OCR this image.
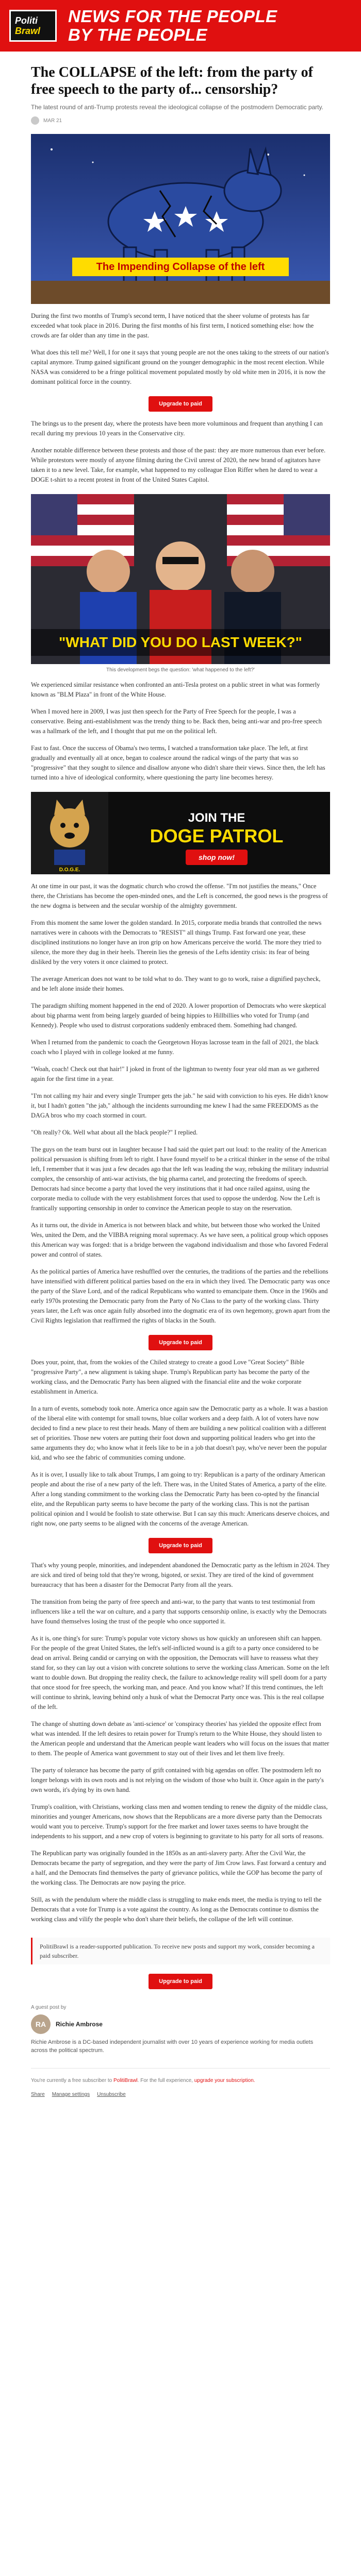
Politi
Brawl
NEWS FOR THE PEOPLE
BY THE PEOPLE
The COLLAPSE of the left: from the party of free speech to the party of... censorship?
The latest round of anti-Trump protests reveal the ideological collapse of the postmodern Democratic party.
MAR 21
The Impending Collapse of the left

During the first two months of Trump's second term, I have noticed that the sheer volume of protests has far exceeded what took place in 2016. During the first months of his first term, I noticed something else: how the crowds are far older than any time in the past.

What does this tell me? Well, I for one it says that young people are not the ones taking to the streets of our nation's capital anymore. Trump gained significant ground on the younger demographic in the most recent election. While NASA was considered to be a fringe political movement populated mostly by old white men in 2016, it is now the dominant political force in the country.

Upgrade to paid

The brings us to the present day, where the protests have been more voluminous and frequent than anything I can recall during my previous 10 years in the Conservative city.

Another notable difference between these protests and those of the past: they are more numerous than ever before. While protestors were mostly of anyone filming during the Civil unrest of 2020, the new brand of agitators have taken it to a new level. Take, for example, what happened to my colleague Elon Riffer when he dared to wear a DOGE t-shirt to a recent protest in front of the United States Capitol.

"WHAT DID YOU DO LAST WEEK?"
This development begs the question: 'what happened to the left?'

We experienced similar resistance when confronted an anti-Tesla protest on a public street in what was formerly known as "BLM Plaza" in front of the White House.

When I moved here in 2009, I was just then speech for the Party of Free Speech for the people, I was a conservative. Being anti-establishment was the trendy thing to be. Back then, being anti-war and pro-free speech was a hallmark of the left, and I thought that put me on the political left.

Fast to fast. Once the success of Obama's two terms, I watched a transformation take place. The left, at first gradually and eventually all at once, began to coalesce around the radical wings of the party that was so "progressive" that they sought to silence and disallow anyone who didn't share their views. Since then, the left has turned into a hive of ideological conformity, where questioning the party line becomes heresy.

D.O.G.E.
JOIN THE
DOGE PATROL
shop now!

At one time in our past, it was the dogmatic church who crowd the offense. "I'm not justifies the means," Once there, the Christians has become the open-minded ones, and the Left is concerned, the good news is the progress of the new dogma is between and the secular worship of the almighty government.

From this moment the same lower the golden standard. In 2015, corporate media brands that controlled the news narratives were in cahoots with the Democrats to "RESIST" all things Trump. Fast forward one year, these disciplined institutions no longer have an iron grip on how Americans perceive the world. The more they tried to silence, the more they dug in their heels. Therein lies the genesis of the Lefts identity crisis: its fear of being disliked by the very voters it once claimed to protect.

The average American does not want to be told what to do. They want to go to work, raise a dignified paycheck, and be left alone inside their homes.

The paradigm shifting moment happened in the end of 2020. A lower proportion of Democrats who were skeptical about big pharma went from being largely guarded of being hippies to Hillbillies who voted for Trump (and Kennedy). People who used to distrust corporations suddenly embraced them. Something had changed.

When I returned from the pandemic to coach the Georgetown Hoyas lacrosse team in the fall of 2021, the black coach who I played with in college looked at me funny.

"Woah, coach! Check out that hair!" I joked in front of the lightman to twenty four year old man as we gathered again for the first time in a year.

"I'm not calling my hair and every single Trumper gets the jab." he said with conviction to his eyes. He didn't know it, but I hadn't gotten "the jab," although the incidents surrounding me knew I had the same FREEDOMS as the DAGA bros who my coach stormed in court.

"Oh really? Ok. Well what about all the black people?" I replied.

The guys on the team burst out in laughter because I had said the quiet part out loud: to the reality of the American political persuasion is shifting from left to right. I have found myself to be a critical thinker in the sense of the tribal left, I remember that it was just a few decades ago that the left was leading the way, rebuking the military industrial complex, the censorship of anti-war activists, the big pharma cartel, and protecting the freedoms of speech. Democrats had since become a party that loved the very institutions that it had once railed against, using the corporate media to collude with the very establishment forces that used to oppose the underdog. Now the Left is frantically supporting censorship in order to convince the American people to stay on the reservation.

As it turns out, the divide in America is not between black and white, but between those who worked the United Wes, united the Dem, and the VIBBA reigning moral supremacy. As we have seen, a political group which opposes this American way was forged: that is a bridge between the vagabond individualism and those who favored Federal power and control of states.

As the political parties of America have reshuffled over the centuries, the traditions of the parties and the rebellions have intensified with different political parties based on the era in which they lived. The Democratic party was once the party of the Slave Lord, and of the radical Republicans who wanted to emancipate them. Once in the 1960s and early 1970s protesting the Democratic party from the Party of No Class to the party of the working class. Thirty years later, the Left was once again fully absorbed into the dogmatic era of its own hegemony, grown apart from the Civil Rights legislation that reaffirmed the rights of blacks in the South.

Upgrade to paid

Does your, point, that, from the wokies of the Chiled strategy to create a good Love "Great Society" Bible "progressive Party", a new alignment is taking shape. Trump's Republican party has become the party of the working class, and the Democratic Party has been aligned with the financial elite and the woke corporate establishment in America.

In a turn of events, somebody took note. America once again saw the Democratic party as a whole. It was a bastion of the liberal elite with contempt for small towns, blue collar workers and a deep faith. A lot of voters have now decided to find a new place to rest their heads. Many of them are building a new political coalition with a different set of priorities. Those new voters are putting their foot down and supporting political leaders who get into the same arguments they do; who know what it feels like to be in a job that doesn't pay, who've never been the popular kid, and who see the fabric of communities coming undone.

As it is over, I usually like to talk about Trumps, I am going to try: Republican is a party of the ordinary American people and about the rise of a new party of the left. There was, in the United States of America, a party of the elite. After a long standing commitment to the working class the Democratic Party has been co-opted by the financial elite, and the Republican party seems to have become the party of the working class. This is not the partisan political opinion and I would be foolish to state otherwise. But I can say this much: Americans deserve choices, and right now, one party seems to be aligned with the concerns of the average American.

Upgrade to paid

That's why young people, minorities, and independent abandoned the Democratic party as the leftism in 2024. They are sick and tired of being told that they're wrong, bigoted, or sexist. They are tired of the kind of government bureaucracy that has been a disaster for the Democrat Party from all the years.

The transition from being the party of free speech and anti-war, to the party that wants to test testimonial from influencers like a tell the war on culture, and a party that supports censorship online, is exactly why the Democrats have found themselves losing the trust of the people who once supported it.

As it is, one thing's for sure: Trump's popular vote victory shows us how quickly an unforeseen shift can happen. For the people of the great United States, the left's self-inflicted wound is a gift to a party once considered to be dead on arrival. Being candid or carrying on with the opposition, the Democrats will have to reassess what they stand for, so they can lay out a vision with concrete solutions to serve the working class American. Some on the left want to double down. But dropping the reality check, the failure to acknowledge reality will spell doom for a party that once stood for free speech, the working man, and peace. And you know what? If this trend continues, the left will continue to shrink, leaving behind only a husk of what the Democrat Party once was. This is the real collapse of the left.

The change of shutting down debate as 'anti-science' or 'conspiracy theories' has yielded the opposite effect from what was intended. If the left desires to retain power for Trump's return to the White House, they should listen to the American people and understand that the American people want leaders who will focus on the issues that matter to them. The people of America want government to stay out of their lives and let them live freely.

The party of tolerance has become the party of grift contained with big agendas on offer. The postmodern left no longer belongs with its own roots and is not relying on the wisdom of those who built it. Once again in the party's own words, it's dying by its own hand.

Trump's coalition, with Christians, working class men and women tending to renew the dignity of the middle class, minorities and younger Americans, now shows that the Republicans are a more diverse party than the Democrats would want you to perceive. Trump's support for the free market and lower taxes seems to have brought the independents to his support, and a new crop of voters is beginning to gravitate to his party for all sorts of reasons.

The Republican party was originally founded in the 1850s as an anti-slavery party. After the Civil War, the Democrats became the party of segregation, and they were the party of Jim Crow laws. Fast forward a century and a half, and the Democrats find themselves the party of grievance politics, while the GOP has become the party of the working class. The Democrats are now paying the price.

Still, as with the pendulum where the middle class is struggling to make ends meet, the media is trying to tell the Democrats that a vote for Trump is a vote against the country. As long as the Democrats continue to dismiss the working class and vilify the people who don't share their beliefs, the collapse of the left will continue.

PolitiBrawl is a reader-supported publication. To receive new posts and support my work, consider becoming a paid subscriber.
Upgrade to paid
A guest post by
RA	Richie Ambrose
Richie Ambrose is a DC-based independent journalist with over 10 years of experience working for media outlets across the political spectrum.
You're currently a free subscriber to PolitiBrawl. For the full experience, upgrade your subscription.
Share Manage settings Unsubscribe
